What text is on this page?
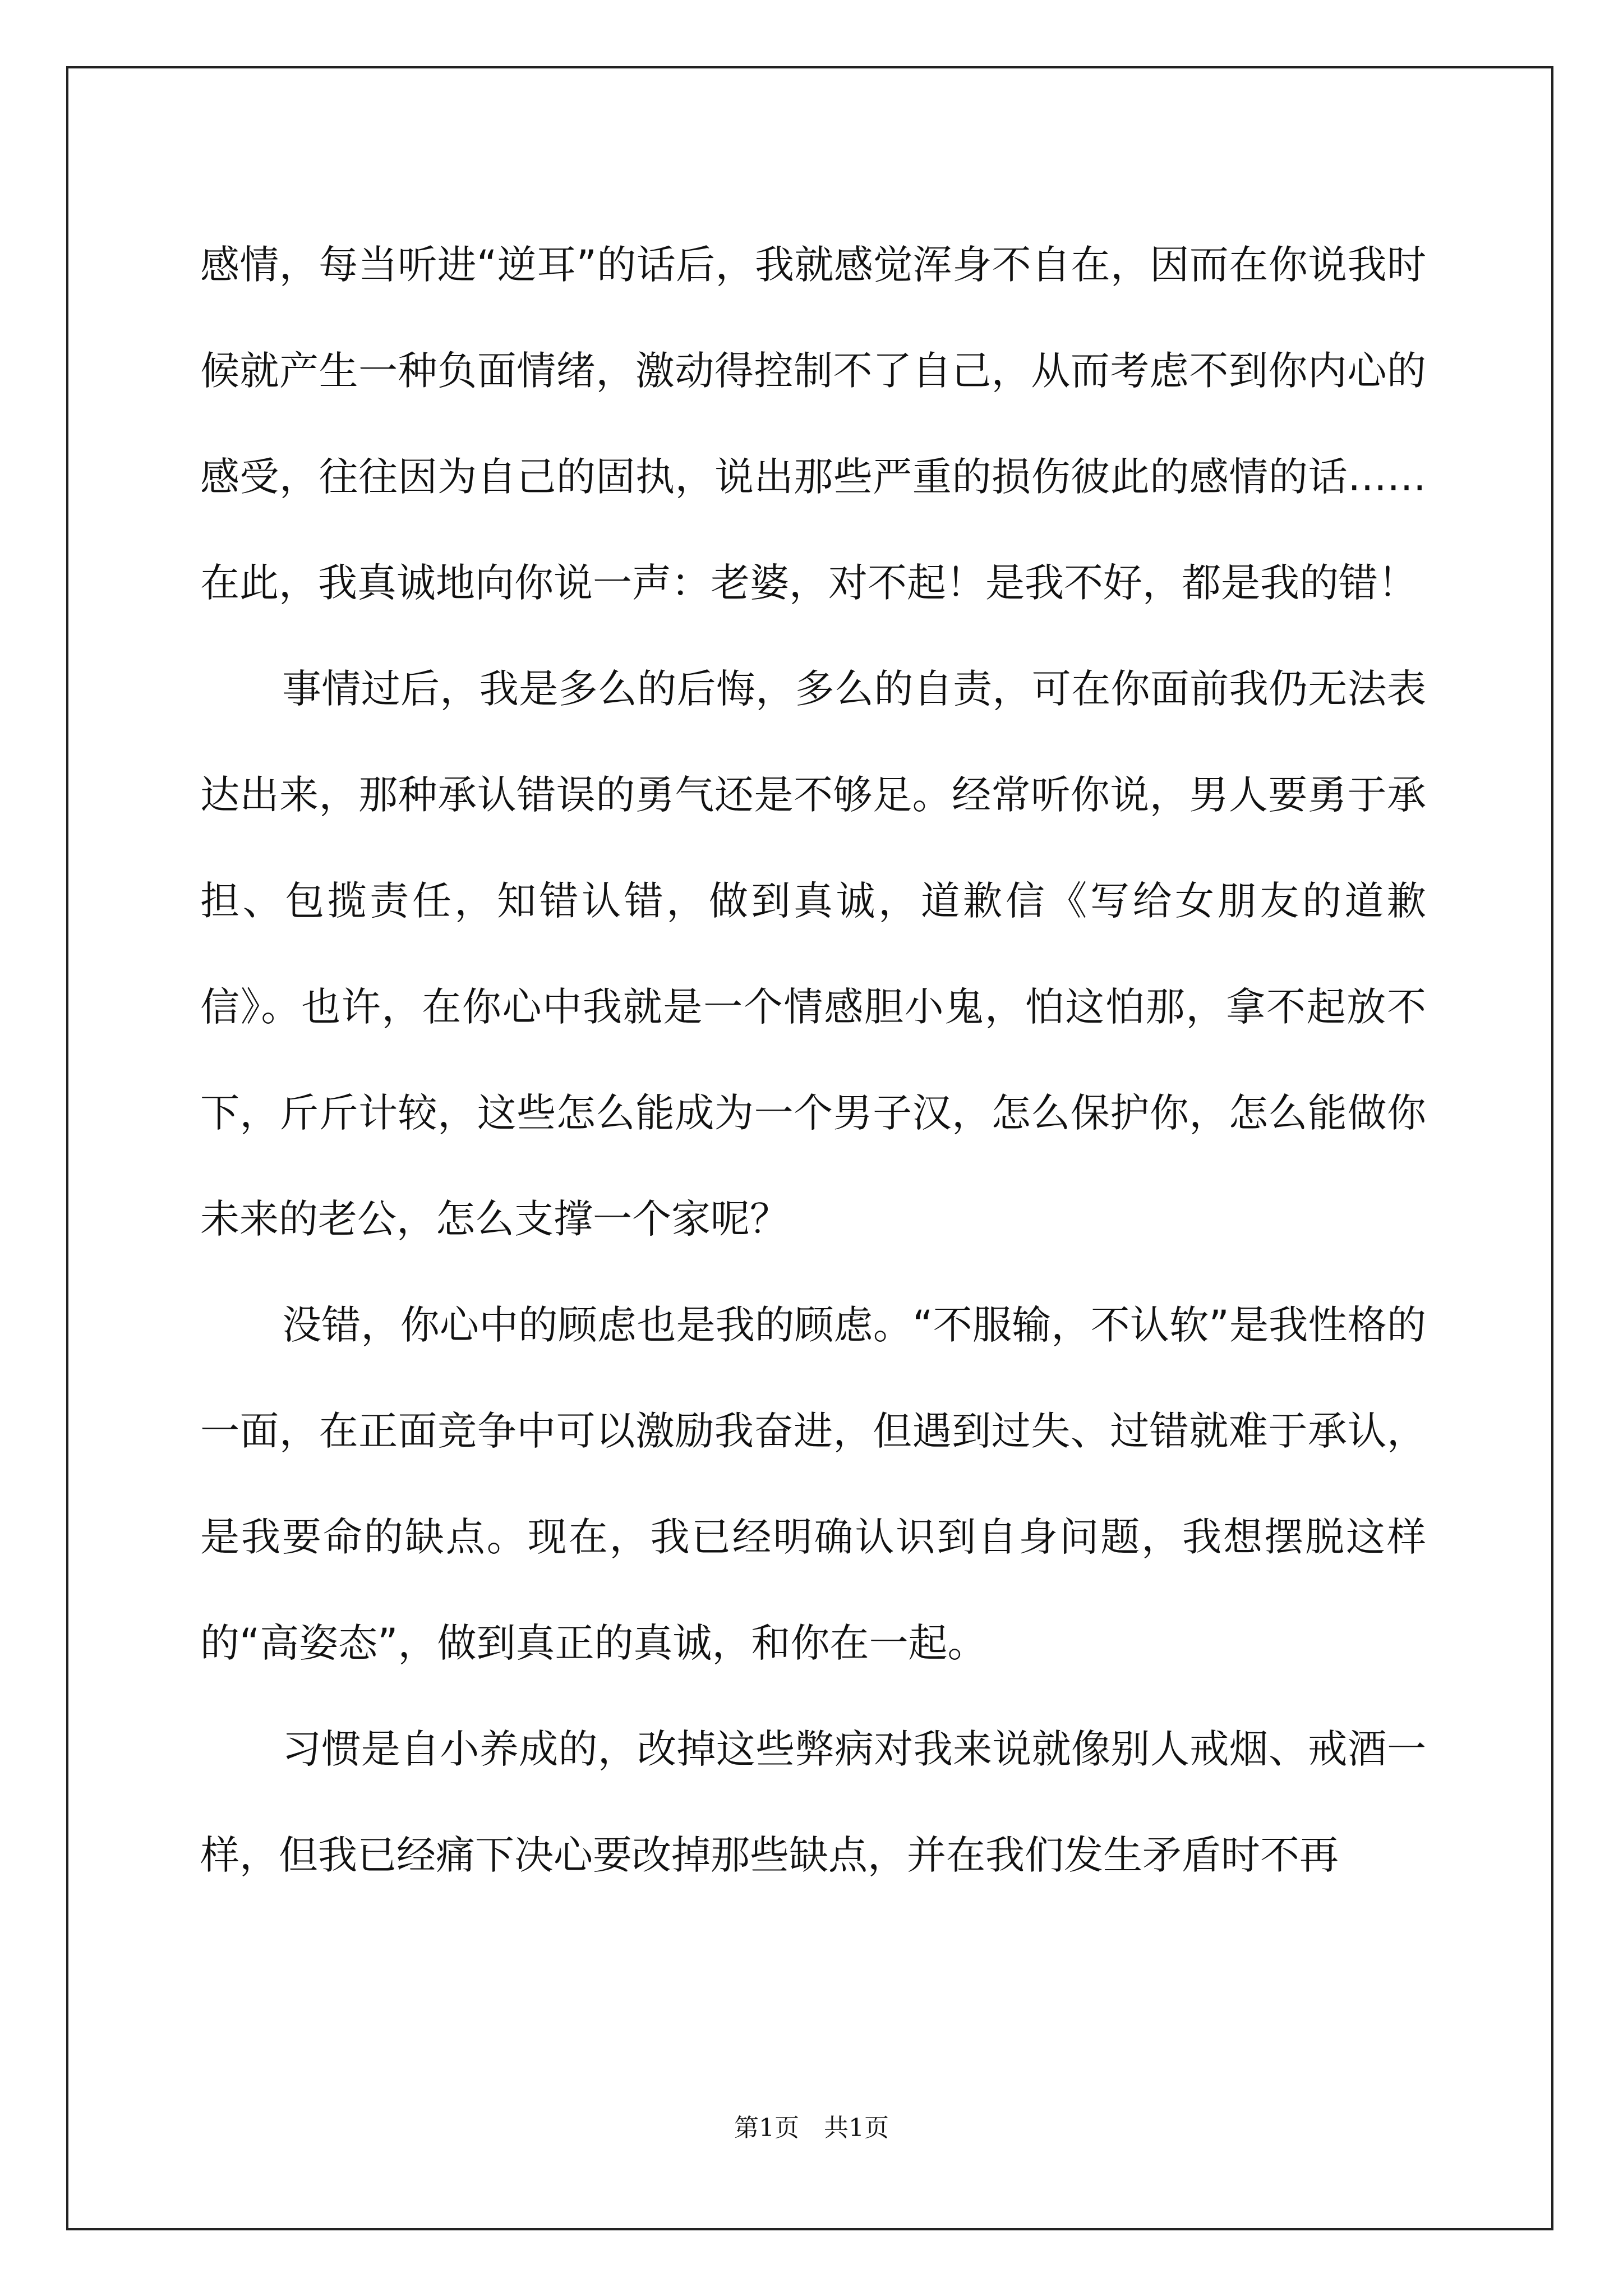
感情，每当听进“逆耳”的话后，我就感觉浑身不自在，因而在你说我时候就产生一种负面情绪，激动得控制不了自己，从而考虑不到你内心的感受，往往因为自己的固执，说出那些严重的损伤彼此的感情的话……在此，我真诚地向你说一声：老婆，对不起！是我不好，都是我的错！

事情过后，我是多么的后悔，多么的自责，可在你面前我仍无法表达出来，那种承认错误的勇气还是不够足。经常听你说，男人要勇于承担、包揽责任，知错认错，做到真诚，道歉信《写给女朋友的道歉信》。也许，在你心中我就是一个情感胆小鬼，怕这怕那，拿不起放不下，斤斤计较，这些怎么能成为一个男子汉，怎么保护你，怎么能做你未来的老公，怎么支撑一个家呢？

没错，你心中的顾虑也是我的顾虑。“不服输，不认软”是我性格的一面，在正面竞争中可以激励我奋进，但遇到过失、过错就难于承认，是我要命的缺点。现在，我已经明确认识到自身问题，我想摆脱这样的“高姿态”，做到真正的真诚，和你在一起。

习惯是自小养成的，改掉这些弊病对我来说就像别人戒烟、戒酒一样，但我已经痛下决心要改掉那些缺点，并在我们发生矛盾时不再

第1页　共1页
